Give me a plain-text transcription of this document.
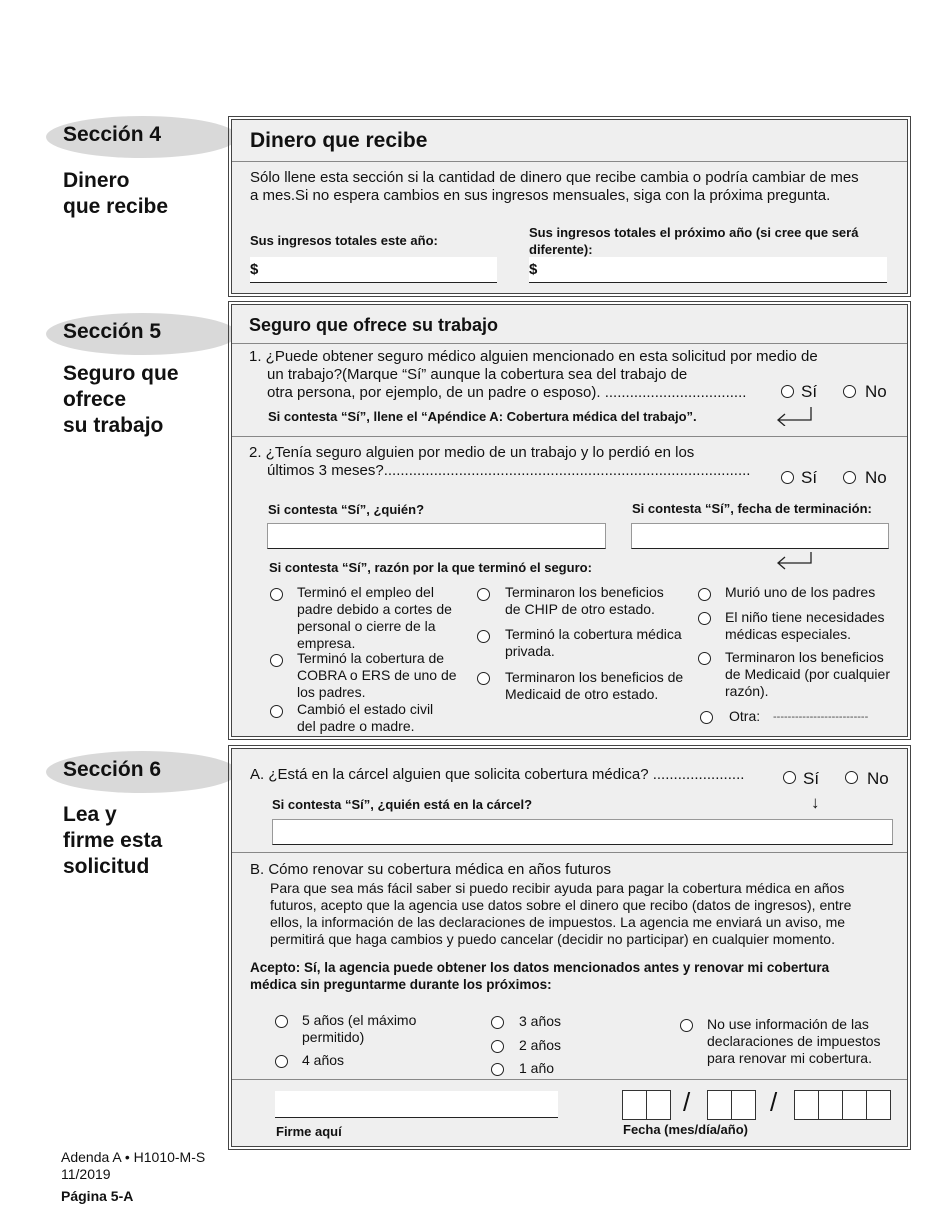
Sección 4
Dinero
que recibe
Dinero que recibe
Sólo llene esta sección si la cantidad de dinero que recibe cambia o podría cambiar de mes
a mes.Si no espera cambios en sus ingresos mensuales, siga con la próxima pregunta.
Sus ingresos totales este año:
Sus ingresos totales el próximo año (si cree que será
diferente):
$	$
Sección 5
Seguro que
ofrece
su trabajo
Seguro que ofrece su trabajo
1. ¿Puede obtener seguro médico alguien mencionado en esta solicitud por medio de
un trabajo?(Marque “Sí” aunque la cobertura sea del trabajo de
otra persona, por ejemplo, de un padre o esposo). ..................................	Sí	No
Si contesta “Sí”, llene el “Apéndice A: Cobertura médica del trabajo”.
2. ¿Tenía seguro alguien por medio de un trabajo y lo perdió en los
últimos 3 meses?........................................................................................	Sí	No
Si contesta “Sí”, ¿quién?	Si contesta “Sí”, fecha de terminación:
Si contesta “Sí”, razón por la que terminó el seguro:
Terminó el empleo del
padre debido a cortes de
personal o cierre de la
empresa.
Terminó la cobertura de
COBRA o ERS de uno de
los padres.
Cambió el estado civil
del padre o madre.
Terminaron los beneficios
de CHIP de otro estado.
Terminó la cobertura médica
privada.
Terminaron los beneficios de
Medicaid de otro estado.
Murió uno de los padres
El niño tiene necesidades
médicas especiales.
Terminaron los beneficios
de Medicaid (por cualquier
razón).
Otra: --------------------------
Sección 6
Lea y
firme esta
solicitud
A. ¿Está en la cárcel alguien que solicita cobertura médica? ......................	Sí	No
Si contesta “Sí”, ¿quién está en la cárcel?	↓
B. Cómo renovar su cobertura médica en años futuros
Para que sea más fácil saber si puedo recibir ayuda para pagar la cobertura médica en años
futuros, acepto que la agencia use datos sobre el dinero que recibo (datos de ingresos), entre
ellos, la información de las declaraciones de impuestos. La agencia me enviará un aviso, me
permitirá que haga cambios y puedo cancelar (decidir no participar) en cualquier momento.
Acepto: Sí, la agencia puede obtener los datos mencionados antes y renovar mi cobertura
médica sin preguntarme durante los próximos:
5 años (el máximo
permitido)
4 años
3 años
2 años
1 año
No use información de las
declaraciones de impuestos
para renovar mi cobertura.
Firme aquí
/	/
Fecha (mes/día/año)
Adenda A • H1010-M-S
11/2019
Página 5-A
